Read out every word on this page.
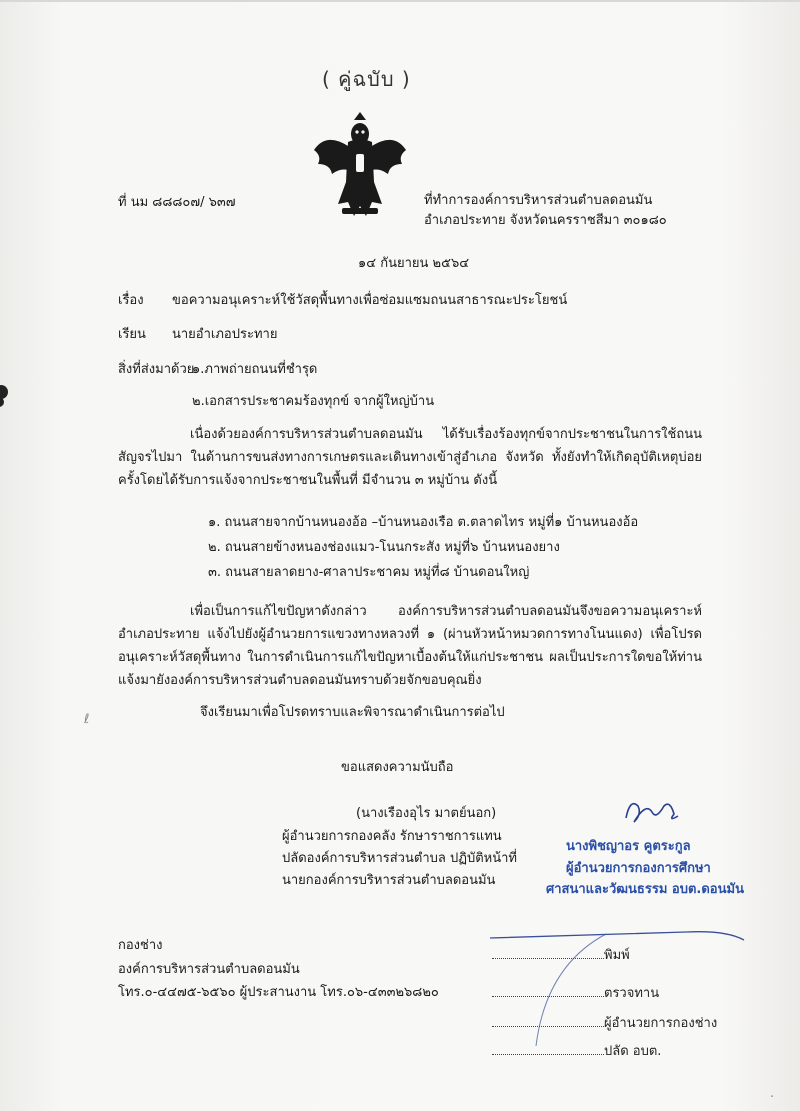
( คู่ฉบับ )
ที่ นม ๘๘๘๐๗/ ๖๓๗	ที่ทำการองค์การบริหารส่วนตำบลดอนมัน
อำเภอประทาย จังหวัดนครราชสีมา ๓๐๑๘๐
๑๔ กันยายน ๒๕๖๔
เรื่อง ขอความอนุเคราะห์ใช้วัสดุพื้นทางเพื่อซ่อมแซมถนนสาธารณะประโยชน์
เรียน นายอำเภอประทาย
สิ่งที่ส่งมาด้วย
๑.ภาพถ่ายถนนที่ชำรุด
๒.เอกสารประชาคมร้องทุกข์ จากผู้ใหญ่บ้าน
เนื่องด้วยองค์การบริหารส่วนตำบลดอนมัน ได้รับเรื่องร้องทุกข์จากประชาชนในการใช้ถนนสัญจรไปมา ในด้านการขนส่งทางการเกษตรและเดินทางเข้าสู่อำเภอ จังหวัด ทั้งยังทำให้เกิดอุบัติเหตุบ่อยครั้งโดยได้รับการแจ้งจากประชาชนในพื้นที่ มีจำนวน ๓ หมู่บ้าน ดังนี้
๑. ถนนสายจากบ้านหนองอ้อ –บ้านหนองเรือ ต.ตลาดไทร หมู่ที่๑ บ้านหนองอ้อ
๒. ถนนสายข้างหนองช่องแมว-โนนกระสัง หมู่ที่๖ บ้านหนองยาง
๓. ถนนสายลาดยาง-ศาลาประชาคม หมู่ที่๘ บ้านดอนใหญ่
เพื่อเป็นการแก้ไขปัญหาดังกล่าว องค์การบริหารส่วนตำบลดอนมันจึงขอความอนุเคราะห์อำเภอประทาย แจ้งไปยังผู้อำนวยการแขวงทางหลวงที่ ๑ (ผ่านหัวหน้าหมวดการทางโนนแดง) เพื่อโปรดอนุเคราะห์วัสดุพื้นทาง ในการดำเนินการแก้ไขปัญหาเบื้องต้นให้แก่ประชาชน ผลเป็นประการใดขอให้ท่านแจ้งมายังองค์การบริหารส่วนตำบลดอนมันทราบด้วยจักขอบคุณยิ่ง
จึงเรียนมาเพื่อโปรดทราบและพิจารณาดำเนินการต่อไป
ขอแสดงความนับถือ
(นางเรืองอุไร มาตย์นอก)
ผู้อำนวยการกองคลัง รักษาราชการแทน
ปลัดองค์การบริหารส่วนตำบล ปฏิบัติหน้าที่
นายกองค์การบริหารส่วนตำบลดอนมัน
นางพิชญาอร คูตระกูล
ผู้อำนวยการกองการศึกษา
ศาสนาและวัฒนธรรม อบต.ดอนมัน
กองช่าง
องค์การบริหารส่วนตำบลดอนมัน
โทร.๐-๔๔๗๕-๖๕๖๐ ผู้ประสานงาน โทร.๐๖-๔๓๓๒๖๘๒๐
พิมพ์
ตรวจทาน
ผู้อำนวยการกองช่าง
ปลัด อบต.
ℓ
·
